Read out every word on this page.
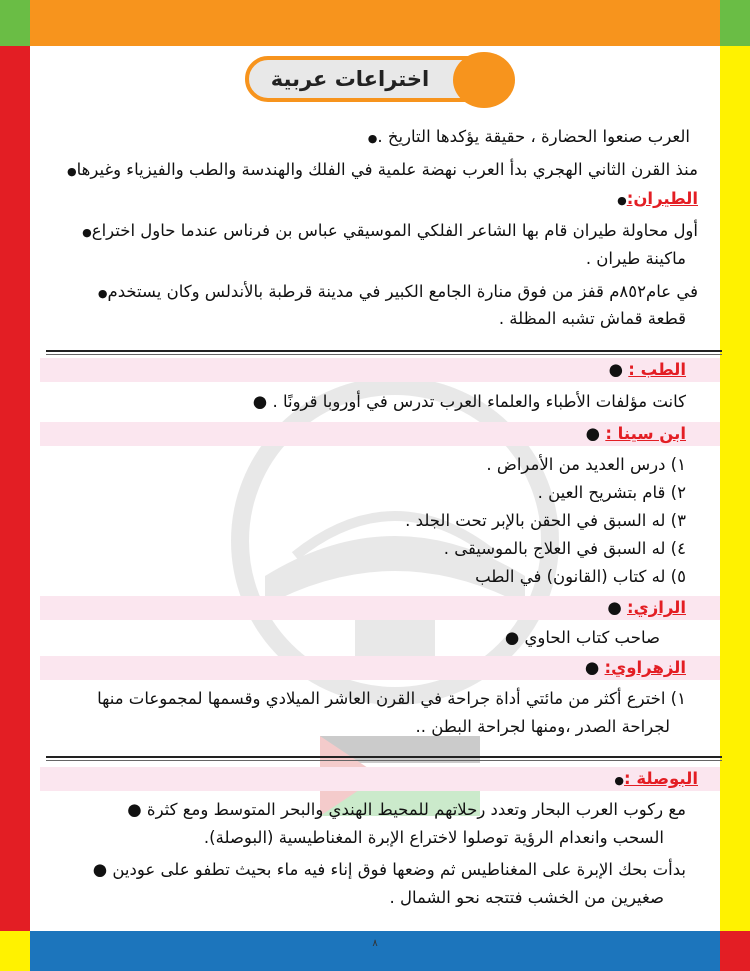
اختراعات عربية
العرب صنعوا الحضارة ، حقيقة يؤكدها التاريخ . ●
منذ القرن الثاني الهجري بدأ العرب نهضة علمية في الفلك والهندسة والطب والفيزياء وغيرها ●
الطيران: ●
أول محاولة طيران قام بها الشاعر الفلكي الموسيقي عباس بن فرناس عندما حاول اختراع ●
ماكينة طيران .
في عام٨٥٢م قفز من فوق منارة الجامع الكبير في مدينة قرطبة بالأندلس وكان يستخدم ●
قطعة قماش تشبه المظلة .
الطب : ●
كانت مؤلفات الأطباء والعلماء العرب تدرس في أوروبا قرونًا . ●
ابن سينا : ●
١) درس العديد من الأمراض .
٢) قام بتشريح العين .
٣) له السبق في الحقن بالإبر تحت الجلد .
٤) له السبق في العلاج بالموسيقى .
٥) له كتاب (القانون) في الطب
الرازي: ●
صاحب كتاب الحاوي ●
الزهراوي: ●
١) اخترع أكثر من مائتي أداة جراحة في القرن العاشر الميلادي وقسمها لمجموعات منها
لجراحة الصدر ،ومنها لجراحة البطن ..
البوصلة : ●
مع ركوب العرب البحار وتعدد رحلاتهم للمحيط الهندي والبحر المتوسط ومع كثرة ●
السحب وانعدام الرؤية توصلوا لاختراع الإبرة المغناطيسية (البوصلة).
بدأت بحك الإبرة على المغناطيس ثم وضعها فوق إناء فيه ماء بحيث تطفو على عودين ●
صغيرين من الخشب فتتجه نحو الشمال .
٨
